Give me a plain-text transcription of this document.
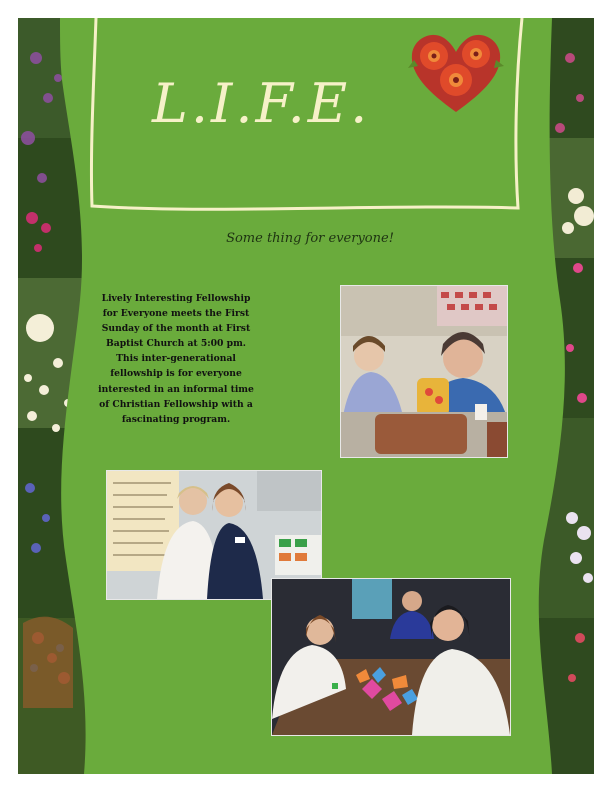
L.I.F.E.
Some thing for everyone!
Lively Interesting Fellowship for Everyone meets the First Sunday of the month at First Baptist Church at 5:00 pm. This inter-generational fellowship is for everyone interested in an informal time of Christian Fellowship with a fascinating program.
